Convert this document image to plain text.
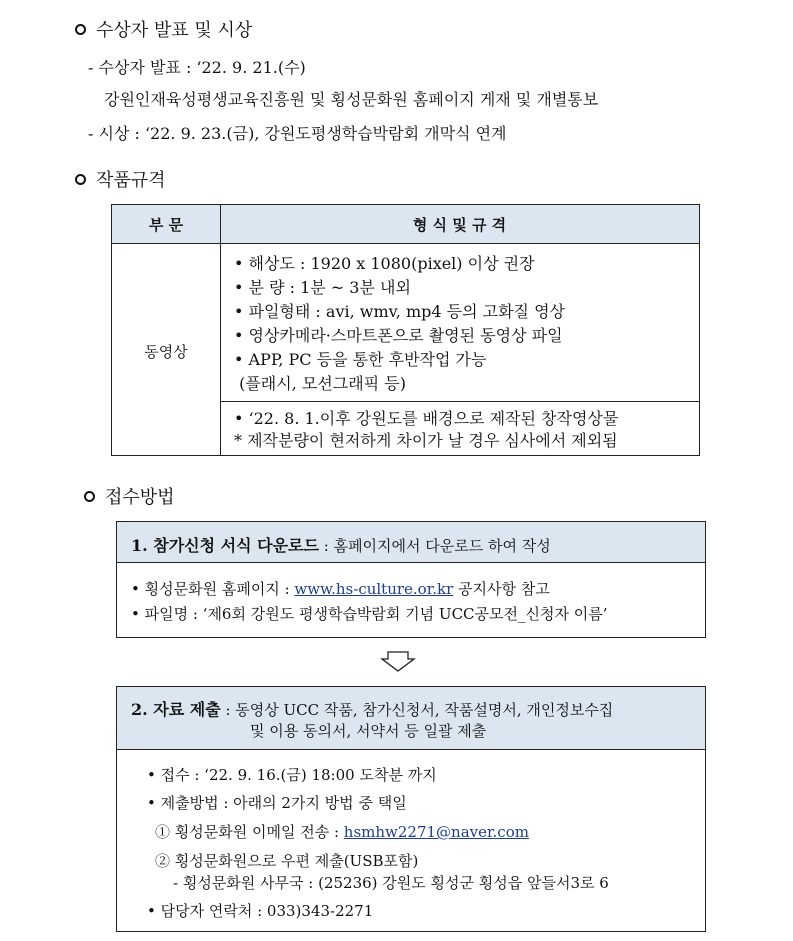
수상자 발표 및 시상
- 수상자 발표 : ‘22. 9. 21.(수)
강원인재육성평생교육진흥원 및 횡성문화원 홈페이지 게재 및 개별통보
- 시상 : ‘22. 9. 23.(금), 강원도평생학습박람회 개막식 연계
작품규격
부 문	형 식 및 규 격
동영상
• 해상도 : 1920 x 1080(pixel) 이상 권장
• 분 량 : 1분 ~ 3분 내외
• 파일형태 : avi, wmv, mp4 등의 고화질 영상
• 영상카메라·스마트폰으로 촬영된 동영상 파일
• APP, PC 등을 통한 후반작업 가능
(플래시, 모션그래픽 등)
• ‘22. 8. 1.이후 강원도를 배경으로 제작된 창작영상물
* 제작분량이 현저하게 차이가 날 경우 심사에서 제외됨
접수방법
1. 참가신청 서식 다운로드 : 홈페이지에서 다운로드 하여 작성
• 횡성문화원 홈페이지 : www.hs-culture.or.kr 공지사항 참고
• 파일명 : ‘제6회 강원도 평생학습박람회 기념 UCC공모전_신청자 이름’
2. 자료 제출 : 동영상 UCC 작품, 참가신청서, 작품설명서, 개인정보수집
및 이용 동의서, 서약서 등 일괄 제출
• 접수 : ‘22. 9. 16.(금) 18:00 도착분 까지
• 제출방법 : 아래의 2가지 방법 중 택일
① 횡성문화원 이메일 전송 : hsmhw2271@naver.com
② 횡성문화원으로 우편 제출(USB포함)
- 횡성문화원 사무국 : (25236) 강원도 횡성군 횡성읍 앞들서3로 6
• 담당자 연락처 : 033)343-2271
